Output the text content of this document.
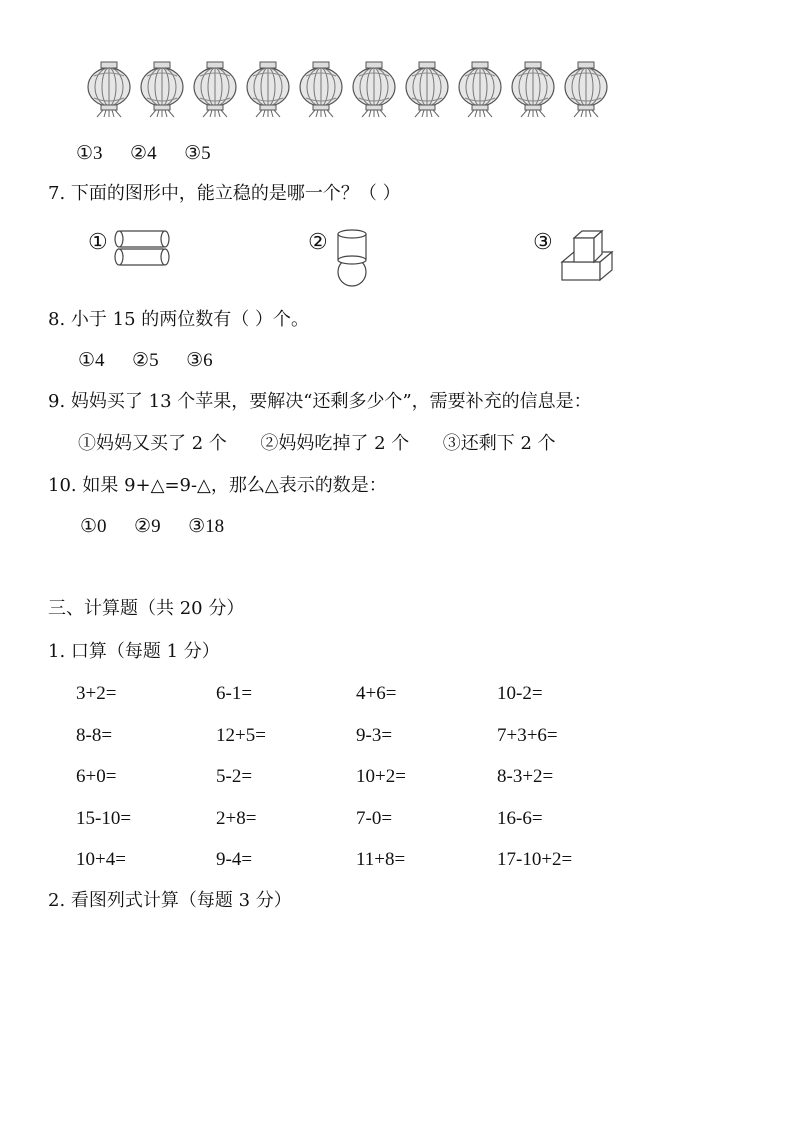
①3 ②4 ③5
7. 下面的图形中，能立稳的是哪一个？（ ）
①	②	③
8. 小于 15 的两位数有（ ）个。
①4 ②5 ③6
9. 妈妈买了 13 个苹果，要解决“还剩多少个”，需要补充的信息是：
①妈妈又买了 2 个 ②妈妈吃掉了 2 个 ③还剩下 2 个
10. 如果 9+△=9-△，那么△表示的数是：
①0 ②9 ③18
三、计算题（共 20 分）
1. 口算（每题 1 分）
3+2=	6-1=	4+6=	10-2=
8-8=	12+5=	9-3=	7+3+6=
6+0=	5-2=	10+2=	8-3+2=
15-10=	2+8=	7-0=	16-6=
10+4=	9-4=	11+8=	17-10+2=
2. 看图列式计算（每题 3 分）
